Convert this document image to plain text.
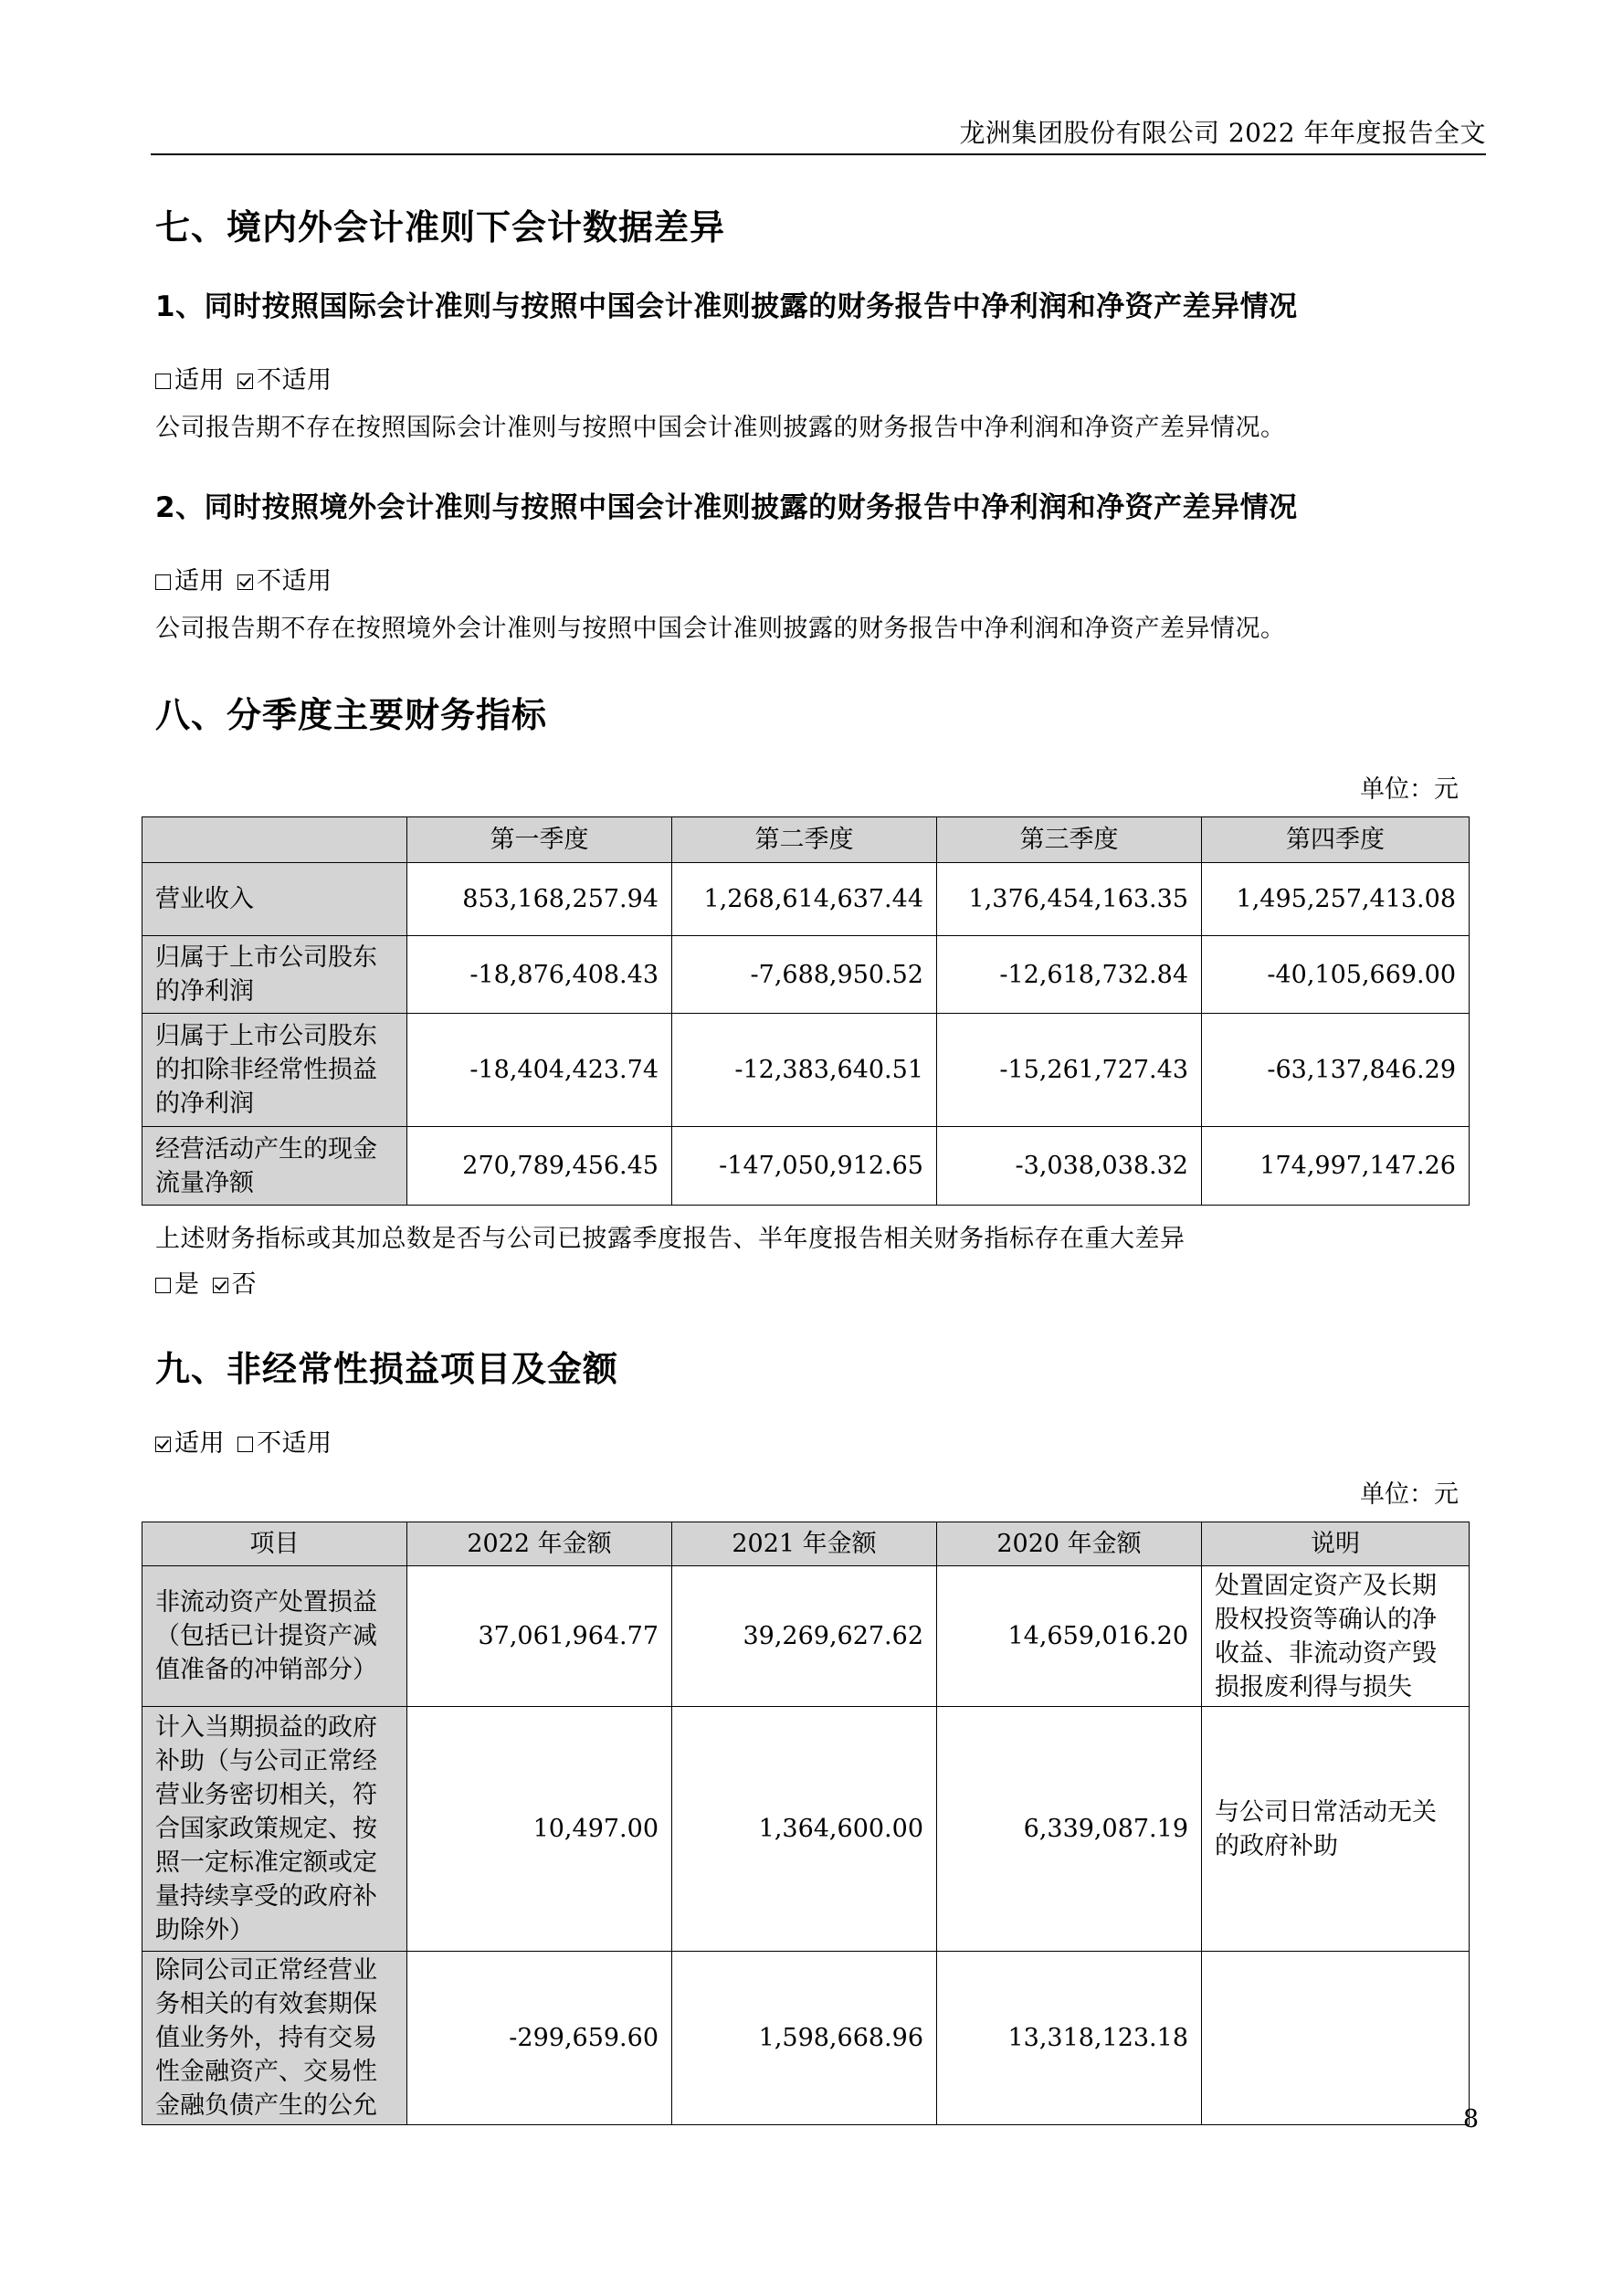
龙洲集团股份有限公司 2022 年年度报告全文
七、境内外会计准则下会计数据差异
1、同时按照国际会计准则与按照中国会计准则披露的财务报告中净利润和净资产差异情况
适用 不适用
公司报告期不存在按照国际会计准则与按照中国会计准则披露的财务报告中净利润和净资产差异情况。
2、同时按照境外会计准则与按照中国会计准则披露的财务报告中净利润和净资产差异情况
适用 不适用
公司报告期不存在按照境外会计准则与按照中国会计准则披露的财务报告中净利润和净资产差异情况。
八、分季度主要财务指标
单位：元
	第一季度	第二季度	第三季度	第四季度
营业收入	853,168,257.94	1,268,614,637.44	1,376,454,163.35	1,495,257,413.08
归属于上市公司股东的净利润	-18,876,408.43	-7,688,950.52	-12,618,732.84	-40,105,669.00
归属于上市公司股东的扣除非经常性损益的净利润	-18,404,423.74	-12,383,640.51	-15,261,727.43	-63,137,846.29
经营活动产生的现金流量净额	270,789,456.45	-147,050,912.65	-3,038,038.32	174,997,147.26
上述财务指标或其加总数是否与公司已披露季度报告、半年度报告相关财务指标存在重大差异
是 否
九、非经常性损益项目及金额
适用 不适用
单位：元
项目	2022 年金额	2021 年金额	2020 年金额	说明
非流动资产处置损益（包括已计提资产减值准备的冲销部分）	37,061,964.77	39,269,627.62	14,659,016.20	处置固定资产及长期股权投资等确认的净收益、非流动资产毁损报废利得与损失
计入当期损益的政府补助（与公司正常经营业务密切相关，符合国家政策规定、按照一定标准定额或定量持续享受的政府补助除外）	10,497.00	1,364,600.00	6,339,087.19	与公司日常活动无关的政府补助
除同公司正常经营业务相关的有效套期保值业务外，持有交易性金融资产、交易性金融负债产生的公允	-299,659.60	1,598,668.96	13,318,123.18	
8
